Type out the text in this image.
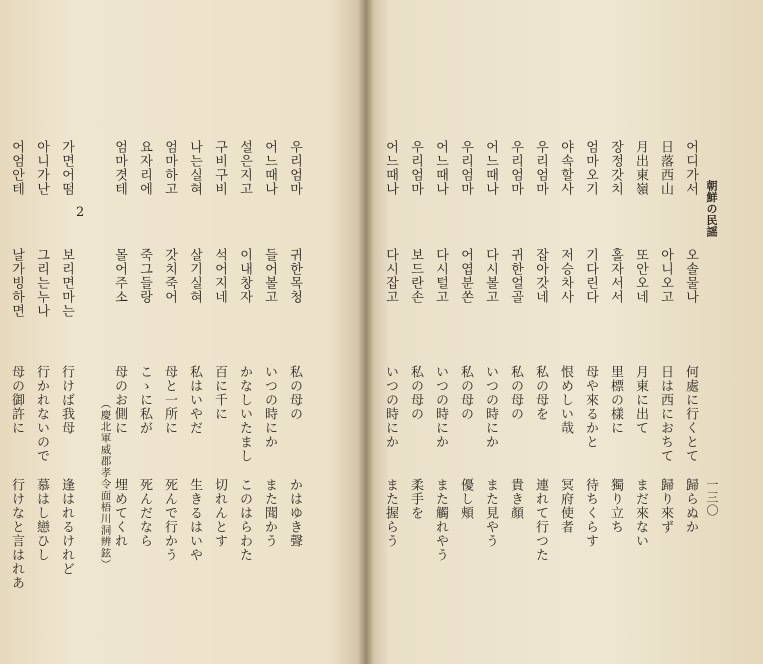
朝鮮の民謡
一三〇
（慶北軍威郡孝令面梧川洞辨鉉）
2
어디가서
오솔물나
何處に行くとて
歸らぬか
日落西山
아니오고
日は西におちて
歸り來ず
月出東嶺
또안오네
月東に出て
まだ來ない
장정갓치
홀자서서
里標の樣に
獨り立ち
엄마오기
기다린다
母や來るかと
待ちくらす
야속할사
저승차사
恨めしい哉
冥府使者
우리엄마
잡아갓네
私の母を
連れて行つた
우리엄마
귀한얼골
私の母の
貴き顏
어느때나
다시볼고
いつの時にか
また見やう
우리엄마
어엽분쏜
私の母の
優し頰
어느때나
다시털고
いつの時にか
また觸れやう
우리엄마
보드란손
私の母の
柔手を
어느때나
다시잡고
いつの時にか
また握らう
우리엄마
귀한목청
私の母の
かはゆき聲
어느때나
들어볼고
いつの時にか
また聞かう
설은지고
이내창자
かなしいたまし
このはらわた
구비구비
석어지네
百に千に
切れんとす
나는실혀
살기실혀
私はいやだ
生きるはいや
엄마하고
갓치죽어
母と一所に
死んで行かう
요자리에
죽그들랑
こゝに私が
死んだなら
엄마겻테
몰어주소
母のお側に
埋めてくれ
가면어떰
보리면마는
行けば我母
逢はれるけれど
아니가난
그리는누나
行かれないので
慕はし戀ひし
어엄안테
날가빙하면
母の御許に
行けなと言はれあ
